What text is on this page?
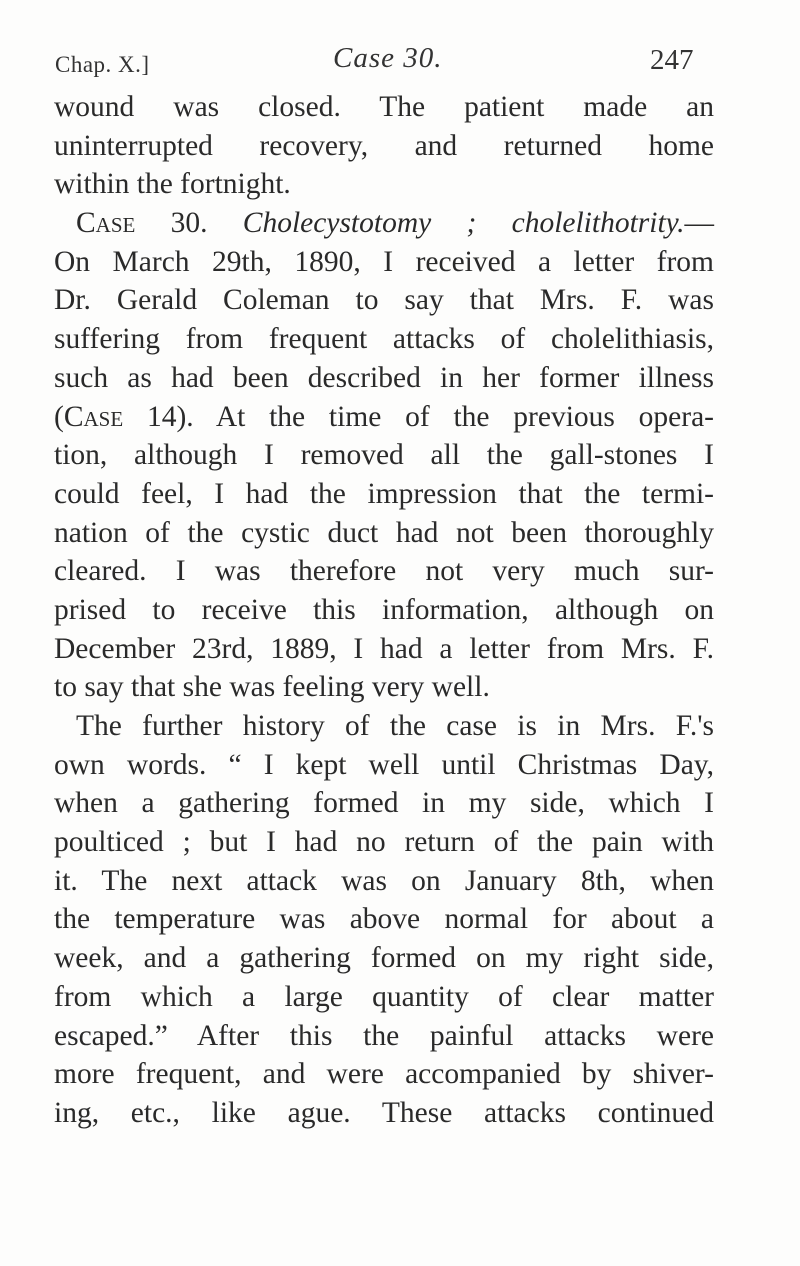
Chap. X.]	Case 30.	247
wound was closed. The patient made an
uninterrupted recovery, and returned home
within the fortnight.
Case 30. Cholecystotomy ; cholelithotrity.—
On March 29th, 1890, I received a letter from
Dr. Gerald Coleman to say that Mrs. F. was
suffering from frequent attacks of cholelithiasis,
such as had been described in her former illness
(Case 14). At the time of the previous opera-
tion, although I removed all the gall-stones I
could feel, I had the impression that the termi-
nation of the cystic duct had not been thoroughly
cleared. I was therefore not very much sur-
prised to receive this information, although on
December 23rd, 1889, I had a letter from Mrs. F.
to say that she was feeling very well.
The further history of the case is in Mrs. F.'s
own words. “ I kept well until Christmas Day,
when a gathering formed in my side, which I
poulticed ; but I had no return of the pain with
it. The next attack was on January 8th, when
the temperature was above normal for about a
week, and a gathering formed on my right side,
from which a large quantity of clear matter
escaped.” After this the painful attacks were
more frequent, and were accompanied by shiver-
ing, etc., like ague. These attacks continued
